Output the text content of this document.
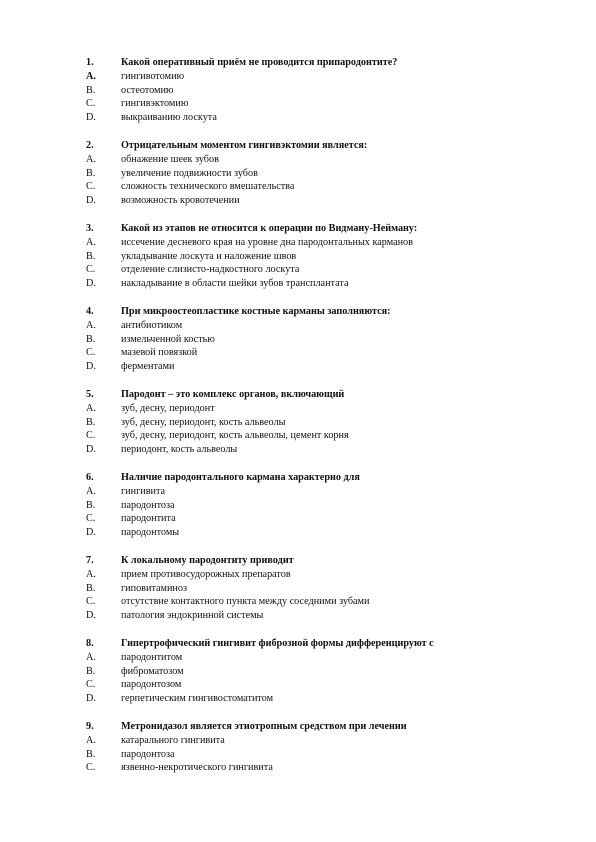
1.	Какой оперативный приём не проводится припародонтите?
A.	гингивотомию
B.	остеотомию
C.	гингивэктомию
D.	выкраиванию лоскута
2.	Отрицательным моментом гингивэктомии является:
A.	обнажение шеек зубов
B.	увеличение подвижности зубов
C.	сложность технического вмешательства
D.	возможность кровотечении
3.	Какой из этапов не относится к операции по Видману-Нейману:
A.	иссечение десневого края на уровне дна пародонтальных карманов
B.	укладывание лоскута и наложение швов
C.	отделение слизисто-надкостного лоскута
D.	накладывание в области шейки зубов трансплантата
4.	При микроостеопластике костные карманы заполняются:
A.	антибиотиком
B.	измельченной костью
C.	мазевой повязкой
D.	ферментами
5.	Пародонт – это комплекс органов, включающий
A.	зуб, десну, периодонт
B.	зуб, десну, периодонт, кость альвеолы
C.	зуб, десну, периодонт, кость альвеолы, цемент корня
D.	периодонт, кость альвеолы
6.	Наличие пародонтального кармана характерно для
A.	гингивита
B.	пародонтоза
C.	пародонтита
D.	пародонтомы
7.	К локальному пародонтиту приводит
A.	прием противосудорожных препаратов
B.	гиповитаминоз
C.	отсутствие контактного пункта между соседними зубами
D.	патология эндокринной системы
8.	Гипертрофический гингивит фиброзной формы дифференцируют с
A.	пародонтитом
B.	фиброматозом
C.	пародонтозом
D.	герпетическим гингивостоматитом
9.	Метронидазол является этиотропным средством при лечении
A.	катарального гингивита
B.	пародонтоза
C.	язвенно-некротического гингивита
